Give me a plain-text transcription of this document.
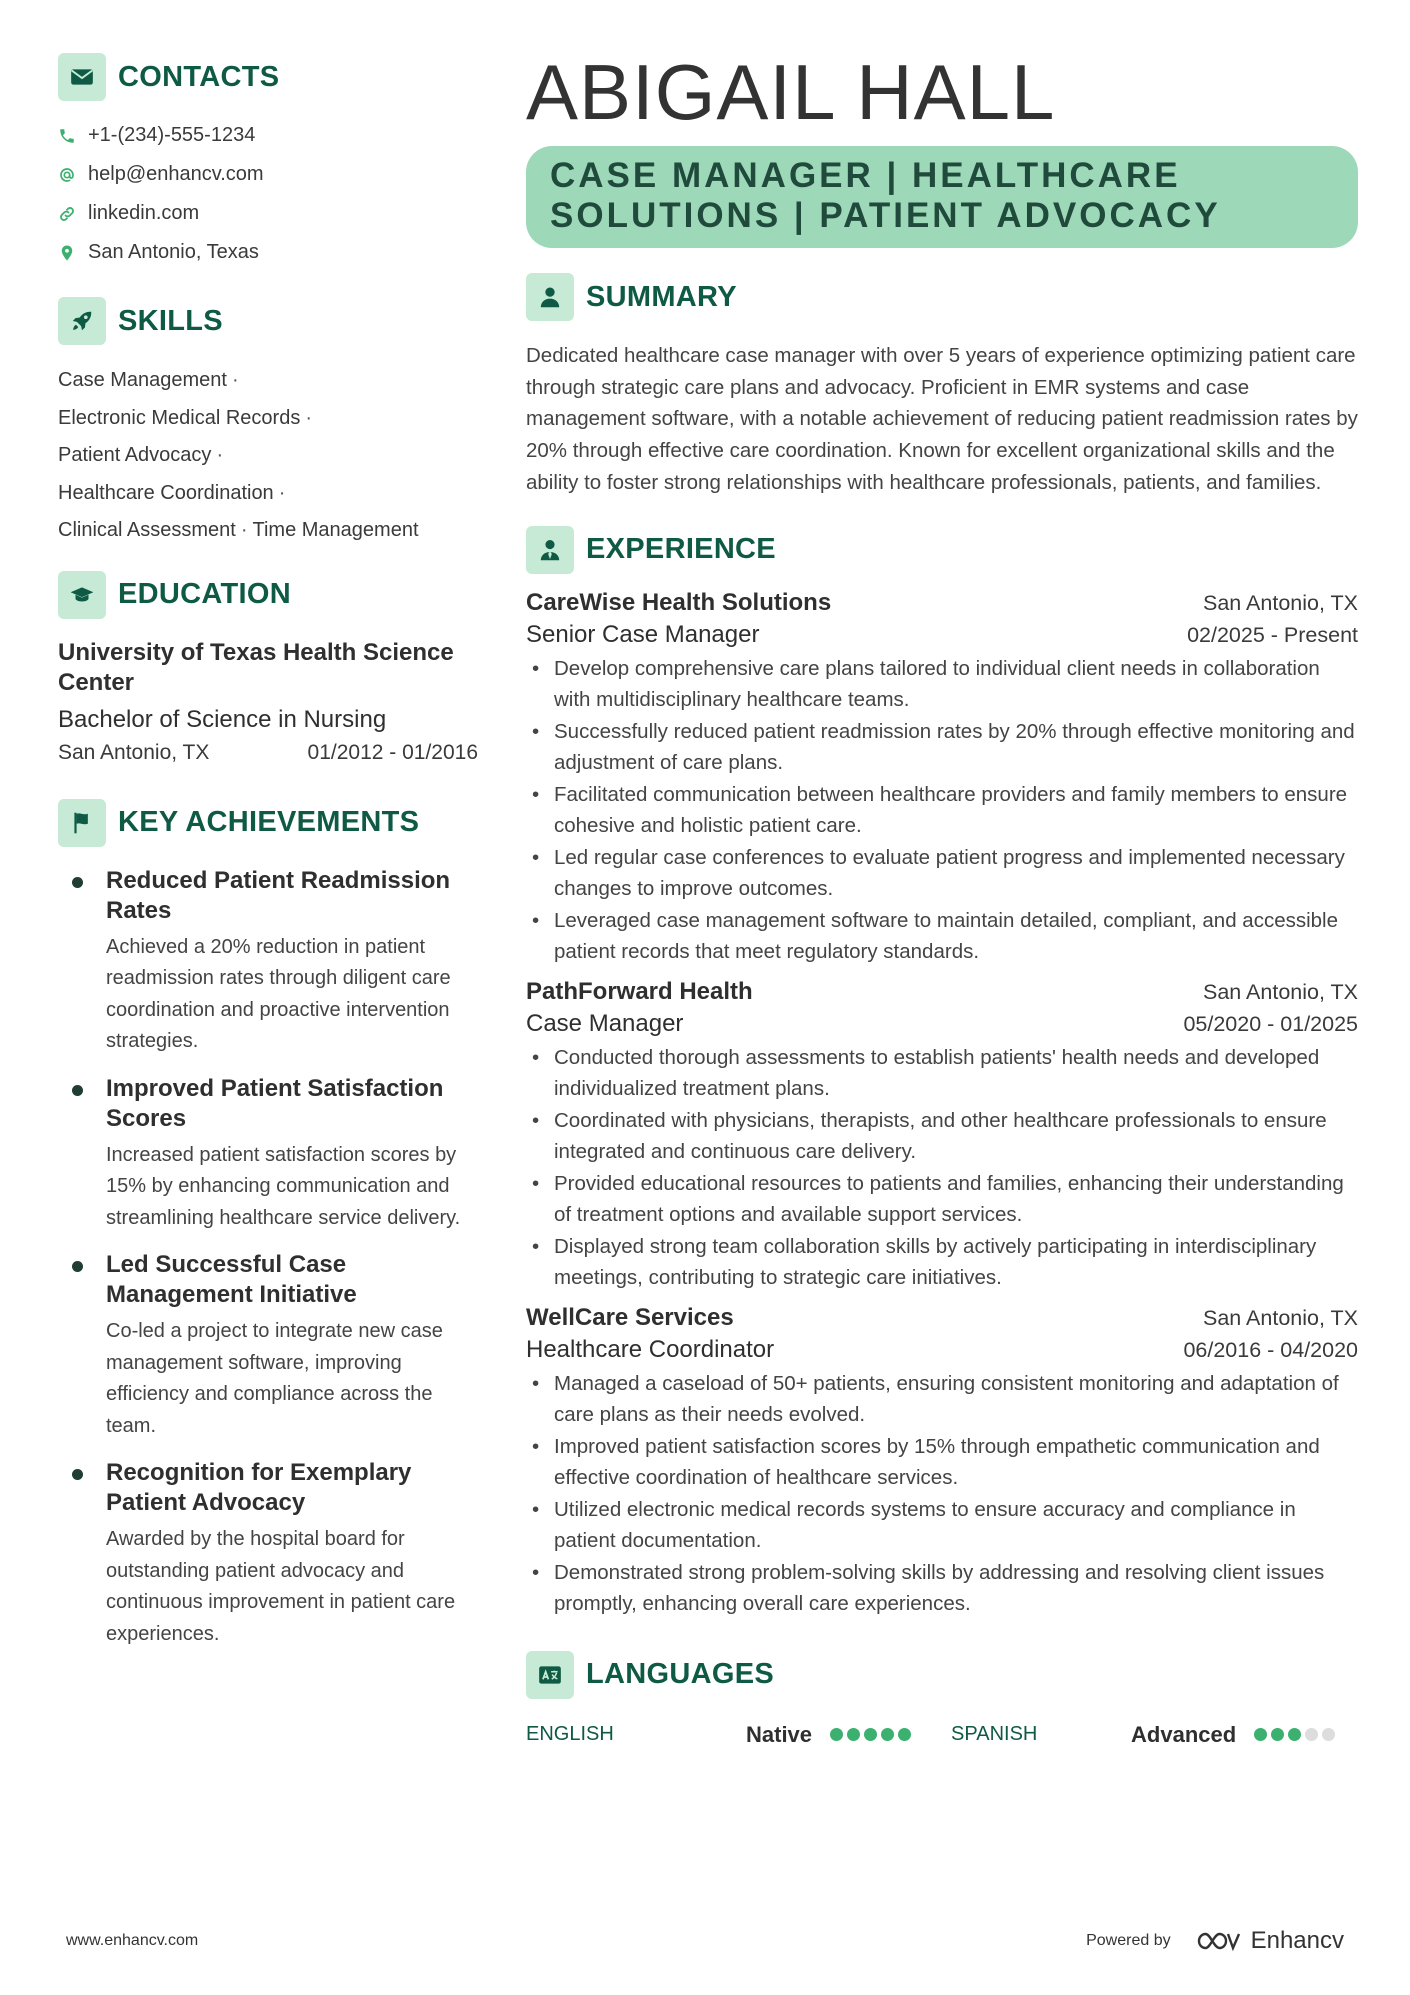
CONTACTS
+1-(234)-555-1234
help@enhancv.com
linkedin.com
San Antonio, Texas
SKILLS
Case Management ·
Electronic Medical Records ·
Patient Advocacy ·
Healthcare Coordination ·
Clinical Assessment · Time Management
EDUCATION
University of Texas Health Science Center
Bachelor of Science in Nursing
San Antonio, TX	01/2012 - 01/2016
KEY ACHIEVEMENTS
Reduced Patient Readmission Rates
Achieved a 20% reduction in patient readmission rates through diligent care coordination and proactive intervention strategies.
Improved Patient Satisfaction Scores
Increased patient satisfaction scores by 15% by enhancing communication and streamlining healthcare service delivery.
Led Successful Case Management Initiative
Co-led a project to integrate new case management software, improving efficiency and compliance across the team.
Recognition for Exemplary Patient Advocacy
Awarded by the hospital board for outstanding patient advocacy and continuous improvement in patient care experiences.
ABIGAIL HALL
CASE MANAGER | HEALTHCARE SOLUTIONS | PATIENT ADVOCACY
SUMMARY
Dedicated healthcare case manager with over 5 years of experience optimizing patient care through strategic care plans and advocacy. Proficient in EMR systems and case management software, with a notable achievement of reducing patient readmission rates by 20% through effective care coordination. Known for excellent organizational skills and the ability to foster strong relationships with healthcare professionals, patients, and families.
EXPERIENCE
CareWise Health Solutions	San Antonio, TX
Senior Case Manager	02/2025 - Present
• Develop comprehensive care plans tailored to individual client needs in collaboration with multidisciplinary healthcare teams.
• Successfully reduced patient readmission rates by 20% through effective monitoring and adjustment of care plans.
• Facilitated communication between healthcare providers and family members to ensure cohesive and holistic patient care.
• Led regular case conferences to evaluate patient progress and implemented necessary changes to improve outcomes.
• Leveraged case management software to maintain detailed, compliant, and accessible patient records that meet regulatory standards.
PathForward Health	San Antonio, TX
Case Manager	05/2020 - 01/2025
• Conducted thorough assessments to establish patients' health needs and developed individualized treatment plans.
• Coordinated with physicians, therapists, and other healthcare professionals to ensure integrated and continuous care delivery.
• Provided educational resources to patients and families, enhancing their understanding of treatment options and available support services.
• Displayed strong team collaboration skills by actively participating in interdisciplinary meetings, contributing to strategic care initiatives.
WellCare Services	San Antonio, TX
Healthcare Coordinator	06/2016 - 04/2020
• Managed a caseload of 50+ patients, ensuring consistent monitoring and adaptation of care plans as their needs evolved.
• Improved patient satisfaction scores by 15% through empathetic communication and effective coordination of healthcare services.
• Utilized electronic medical records systems to ensure accuracy and compliance in patient documentation.
• Demonstrated strong problem-solving skills by addressing and resolving client issues promptly, enhancing overall care experiences.
LANGUAGES
ENGLISH	Native	SPANISH	Advanced
www.enhancv.com	Powered by	Enhancv
